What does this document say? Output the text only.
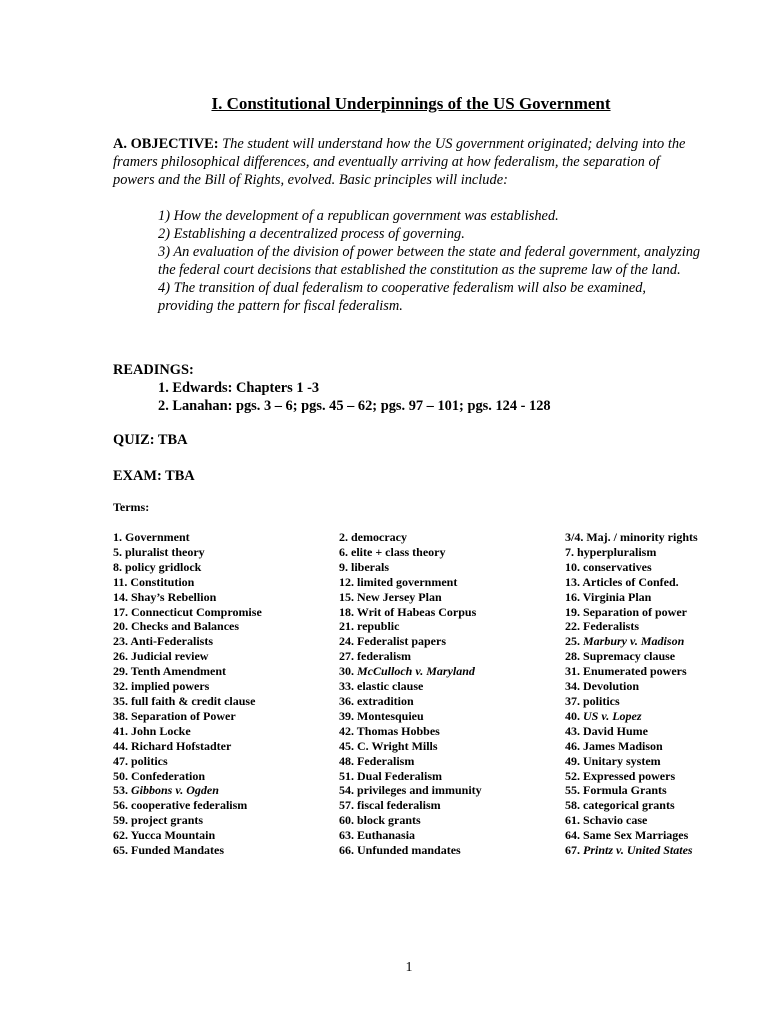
I. Constitutional Underpinnings of the US Government
A. OBJECTIVE: The student will understand how the US government originated; delving into the framers philosophical differences, and eventually arriving at how federalism, the separation of powers and the Bill of Rights, evolved. Basic principles will include:
1) How the development of a republican government was established.
2) Establishing a decentralized process of governing.
3) An evaluation of the division of power between the state and federal government, analyzing the federal court decisions that established the constitution as the supreme law of the land.
4) The transition of dual federalism to cooperative federalism will also be examined, providing the pattern for fiscal federalism.
READINGS:
1. Edwards: Chapters 1 -3
2. Lanahan: pgs. 3 – 6; pgs. 45 – 62; pgs. 97 – 101; pgs. 124 - 128
QUIZ: TBA
EXAM: TBA
Terms:
1. Government	2. democracy	3/4. Maj. / minority rights
5. pluralist theory	6. elite + class theory	7. hyperpluralism
8. policy gridlock	9. liberals	10. conservatives
11. Constitution	12. limited government	13. Articles of Confed.
14. Shay’s Rebellion	15. New Jersey Plan	16. Virginia Plan
17. Connecticut Compromise	18. Writ of Habeas Corpus	19. Separation of power
20. Checks and Balances	21. republic	22. Federalists
23. Anti-Federalists	24. Federalist papers	25. Marbury v. Madison
26. Judicial review	27. federalism	28. Supremacy clause
29. Tenth Amendment	30. McCulloch v. Maryland	31. Enumerated powers
32. implied powers	33. elastic clause	34. Devolution
35. full faith & credit clause	36. extradition	37. politics
38. Separation of Power	39. Montesquieu	40. US v. Lopez
41. John Locke	42. Thomas Hobbes	43. David Hume
44. Richard Hofstadter	45. C. Wright Mills	46. James Madison
47. politics	48. Federalism	49. Unitary system
50. Confederation	51. Dual Federalism	52. Expressed powers
53. Gibbons v. Ogden	54. privileges and immunity	55. Formula Grants
56. cooperative federalism	57. fiscal federalism	58. categorical grants
59. project grants	60. block grants	61. Schavio case
62. Yucca Mountain	63. Euthanasia	64. Same Sex Marriages
65. Funded Mandates	66. Unfunded mandates	67. Printz v. United States
1
